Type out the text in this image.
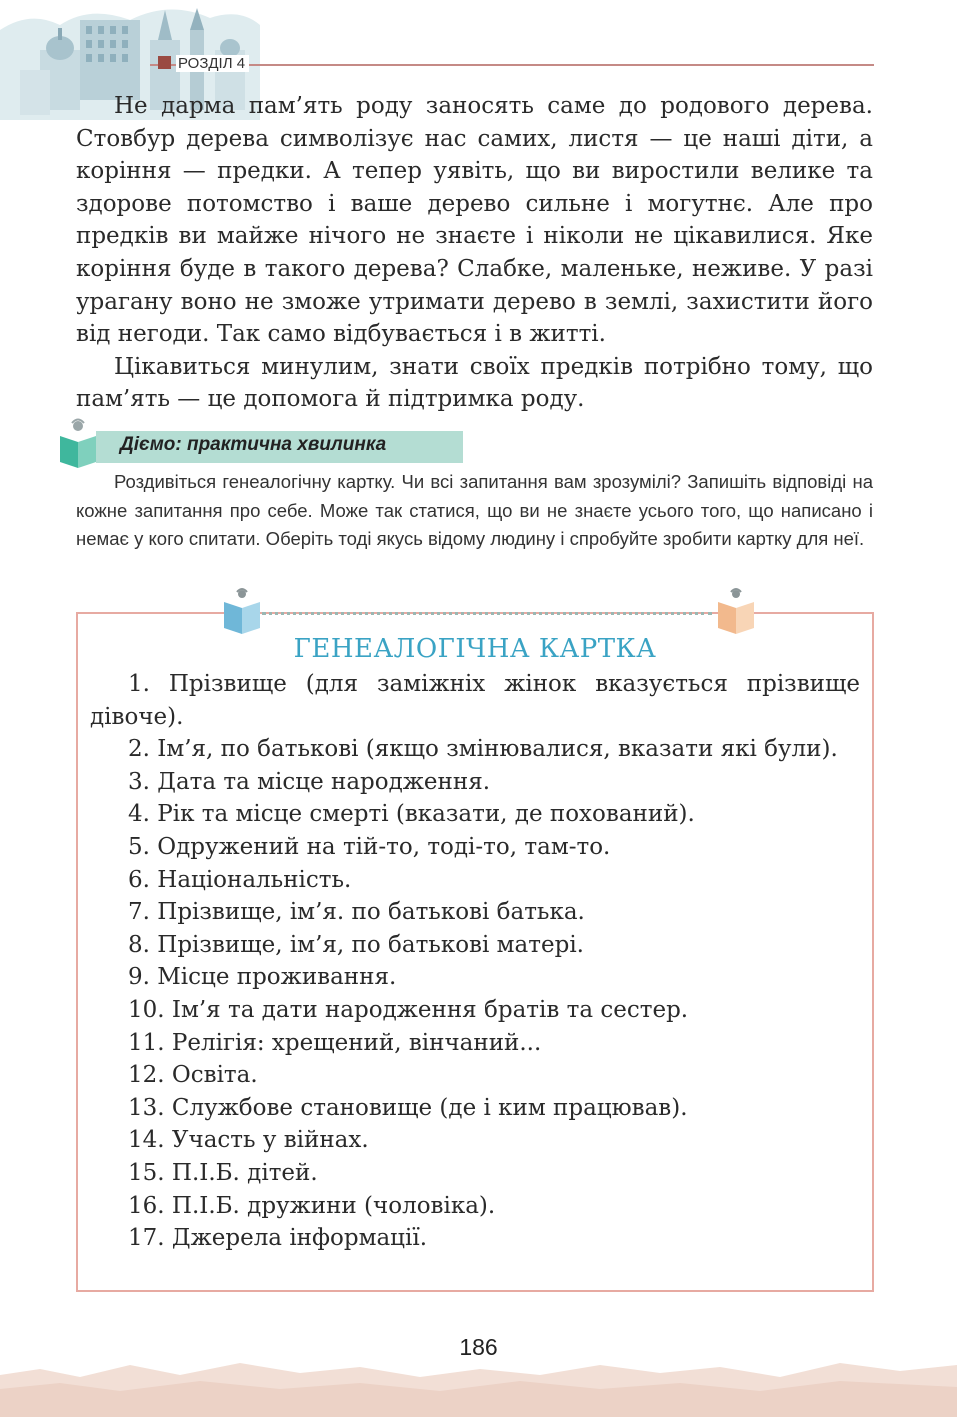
РОЗДІЛ 4

Не дарма пам’ять роду заносять саме до родового дерева. Стовбур дерева символізує нас самих, листя — це наші діти, а коріння — предки. А тепер уявіть, що ви виростили велике та здорове потомство і ваше дерево сильне і могутнє. Але про предків ви майже нічого не знаєте і ніколи не цікавилися. Яке коріння буде в такого дерева? Слабке, маленьке, неживе. У разі урагану воно не зможе утримати дерево в землі, захистити його від негоди. Так само відбувається і в житті.

Цікавиться минулим, знати своїх предків потрібно тому, що пам’ять — це допомога й підтримка роду.

Діємо: практична хвилинка

Роздивіться генеалогічну картку. Чи всі запитання вам зрозумілі? Запишіть відповіді на кожне запитання про себе. Може так статися, що ви не знаєте усього того, що написано і немає у кого спитати. Оберіть тоді якусь відому людину і спробуйте зробити картку для неї.

ГЕНЕАЛОГІЧНА КАРТКА
1. Прізвище (для заміжніх жінок вказується прізвище дівоче).
2. Ім’я, по батькові (якщо змінювалися, вказати які були).
3. Дата та місце народження.
4. Рік та місце смерті (вказати, де похований).
5. Одружений на тій-то, тоді-то, там-то.
6. Національність.
7. Прізвище, ім’я. по батькові батька.
8. Прізвище, ім’я, по батькові матері.
9. Місце проживання.
10. Ім’я та дати народження братів та сестер.
11. Релігія: хрещений, вінчаний...
12. Освіта.
13. Службове становище (де і ким працював).
14. Участь у війнах.
15. П.І.Б. дітей.
16. П.І.Б. дружини (чоловіка).
17. Джерела інформації.
186
